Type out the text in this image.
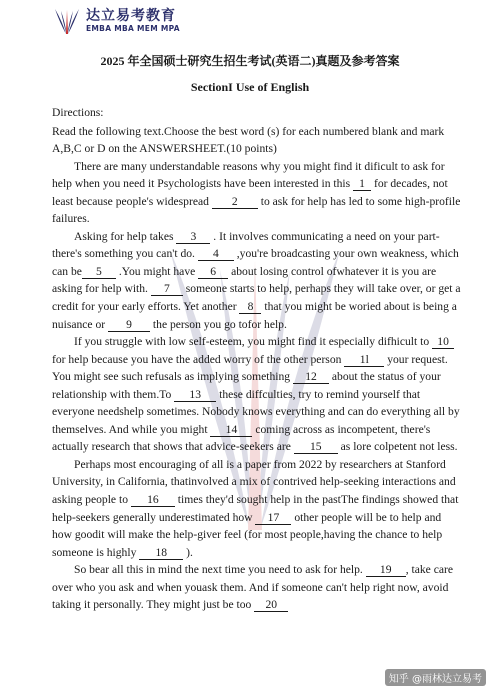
达立易考教育
EMBA MBA MEM MPA
2025 年全国硕士研究生招生考试(英语二)真题及参考答案
SectionI Use of English

Directions:

Read the following text.Choose the best word (s) for each numbered blank and mark A,B,C or D on the ANSWERSHEET.(10 points)

There are many understandable reasons why you might find it dificult to ask for help when you need it Psychologists have been interested in this 1 for decades, not least because people's widespread 2 to ask for help has led to some high-profile failures.

Asking for help takes 3 . It involves communicating a need on your part-there's something you can't do. 4 ,you're broadcasting your own weakness, which can be 5 .You might have 6 about losing control ofwhatever it is you are asking for help with. 7 someone starts to help, perhaps they will take over, or get a credit for your early efforts. Yet another 8 that you might be woried about is being a nuisance or 9 the person you go tofor help.

If you struggle with low self-esteem, you might find it especially difhicult to 10 for help because you have the added worry of the other person 1l your request. You might see such refusals as implying something 12 about the status of your relationship with them.To 13 these diffculties, try to remind yourself that everyone needshelp sometimes. Nobody knows everything and can do everything all by themselves. And while you might 14 coming across as incompetent, there's actually research that shows that advice-seekers are 15 as lore colpetent not less.

Perhaps most encouraging of all is a paper from 2022 by researchers at Stanford University, in California, thatinvolved a mix of contrived help-seeking interactions and asking people to 16 times they'd sought help in the pastThe findings showed that help-seekers generally underestimated how 17 other people will be to help and how goodit will make the help-giver feel (for most people,having the chance to help someone is highly 18 ).

So bear all this in mind the next time you need to ask for help. 19 , take care over who you ask and when youask them. And if someone can't help right now, avoid taking it personally. They might just be too 20

知乎 @雨林达立易考
